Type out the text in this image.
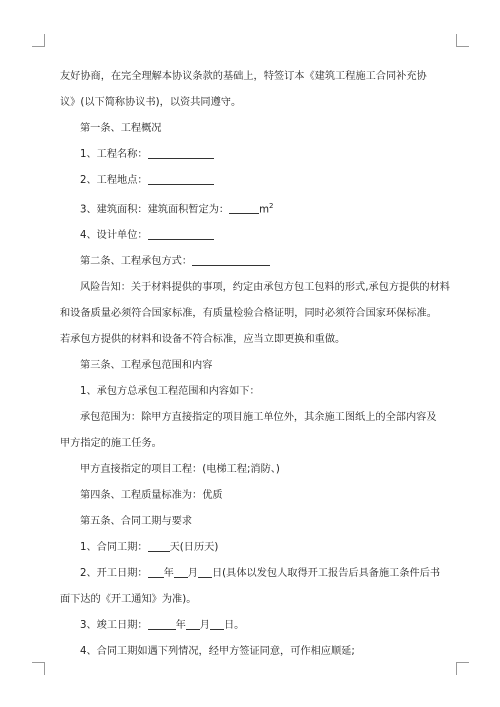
友好协商，在完全理解本协议条款的基础上，特签订本《建筑工程施工合同补充协

议》(以下简称协议书)，以资共同遵守。

第一条、工程概况

1、工程名称：

2、工程地点：

3、建筑面积：建筑面积暂定为：	$m^2$

4、设计单位：

第二条、工程承包方式：

风险告知：关于材料提供的事项，约定由承包方包工包料的形式,承包方提供的材料

和设备质量必须符合国家标准，有质量检验合格证明，同时必须符合国家环保标准。

若承包方提供的材料和设备不符合标准，应当立即更换和重做。

第三条、工程承包范围和内容

1、承包方总承包工程范围和内容如下：

承包范围为：除甲方直接指定的项目施工单位外，其余施工图纸上的全部内容及

甲方指定的施工任务。

甲方直接指定的项目工程：(电梯工程;消防、)

第四条、工程质量标准为：优质

第五条、合同工期与要求

1、合同工期： 天(日历天)

2、开工日期： 年 月 日(具体以发包人取得开工报告后具备施工条件后书

面下达的《开工通知》为准)。

3、竣工日期：	年 月 日。

4、合同工期如遇下列情况，经甲方签证同意，可作相应顺延;
